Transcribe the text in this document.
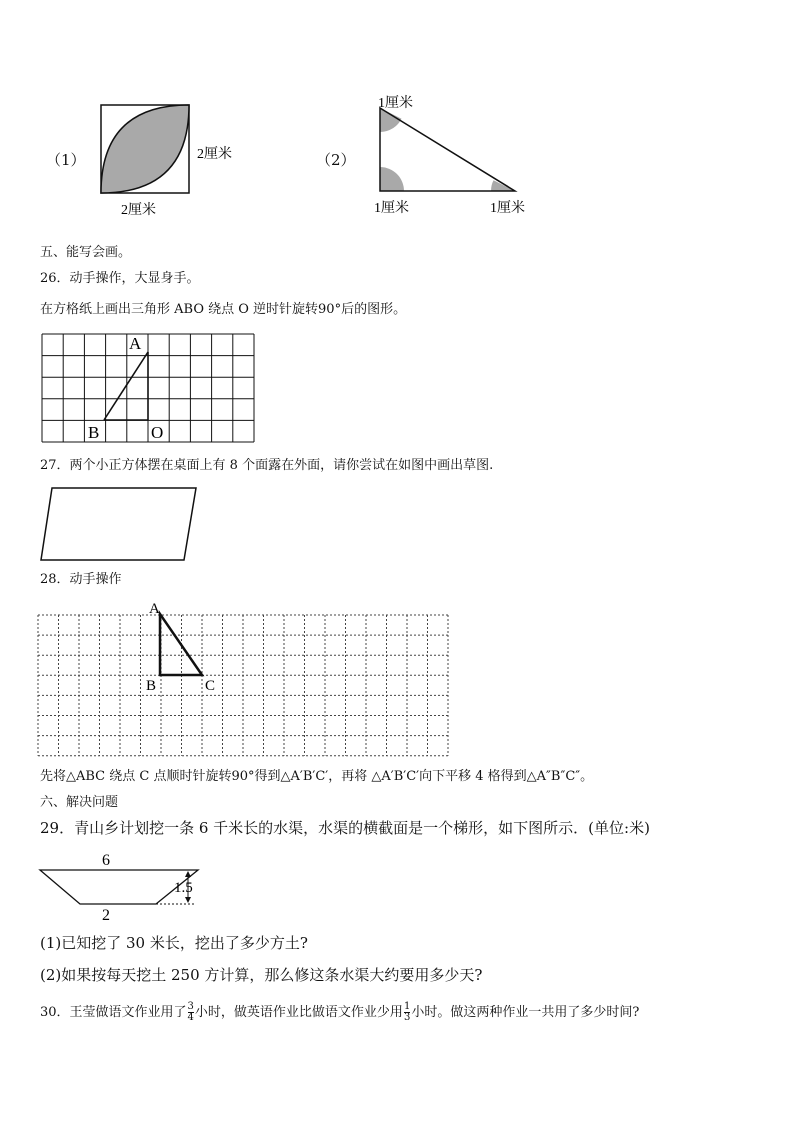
（1）	2厘米
2厘米
（2）
1厘米
1厘米	1厘米
五、能写会画。
26．动手操作，大显身手。
在方格纸上画出三角形 ABO 绕点 O 逆时针旋转90°后的图形。
A
B	O
27．两个小正方体摆在桌面上有 8 个面露在外面，请你尝试在如图中画出草图.
28．动手操作
A
B	C
先将△ABC 绕点 C 点顺时针旋转90°得到△A′B′C′，再将 △A′B′C′向下平移 4 格得到△A″B″C″。
六、解决问题
29．青山乡计划挖一条 6 千米长的水渠，水渠的横截面是一个梯形，如下图所示．(单位:米)
6
1.5
2
(1)已知挖了 30 米长，挖出了多少方土?
(2)如果按每天挖土 250 方计算，那么修这条水渠大约要用多少天?
30．王莹做语文作业用了 $\frac{3}{4}$ 小时，做英语作业比做语文作业少用 $\frac{1}{3}$ 小时。做这两种作业一共用了多少时间?
